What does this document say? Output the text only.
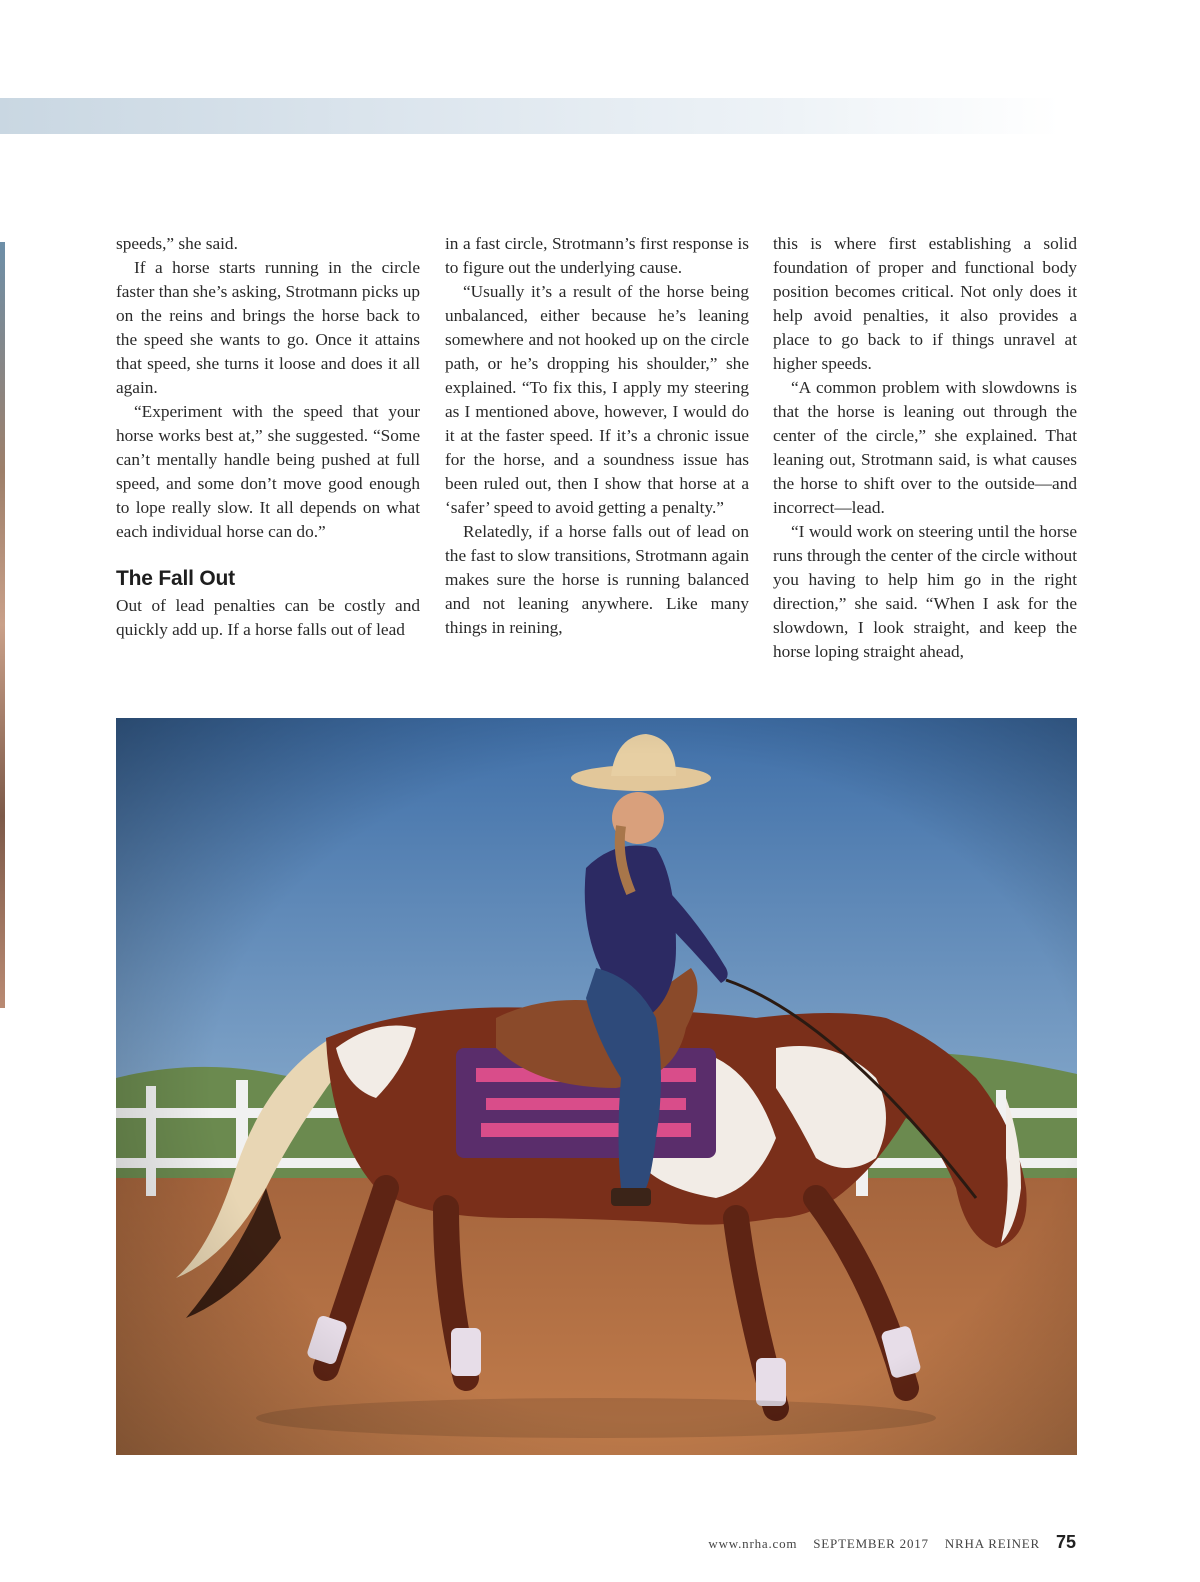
speeds,” she said.

If a horse starts running in the circle faster than she’s asking, Strotmann picks up on the reins and brings the horse back to the speed she wants to go. Once it attains that speed, she turns it loose and does it all again.

“Experiment with the speed that your horse works best at,” she suggested. “Some can’t mentally handle being pushed at full speed, and some don’t move good enough to lope really slow. It all depends on what each individual horse can do.”

The Fall Out

Out of lead penalties can be costly and quickly add up. If a horse falls out of lead

in a fast circle, Strotmann’s first response is to figure out the underlying cause.

“Usually it’s a result of the horse being unbalanced, either because he’s leaning somewhere and not hooked up on the circle path, or he’s dropping his shoulder,” she explained. “To fix this, I apply my steering as I mentioned above, however, I would do it at the faster speed. If it’s a chronic issue for the horse, and a soundness issue has been ruled out, then I show that horse at a ‘safer’ speed to avoid getting a penalty.”

Relatedly, if a horse falls out of lead on the fast to slow transitions, Strotmann again makes sure the horse is running balanced and not leaning anywhere. Like many things in reining,

this is where first establishing a solid foundation of proper and functional body position becomes critical. Not only does it help avoid penalties, it also provides a place to go back to if things unravel at higher speeds.

“A common problem with slowdowns is that the horse is leaning out through the center of the circle,” she explained. That leaning out, Strotmann said, is what causes the horse to shift over to the outside—and incorrect—lead.

“I would work on steering until the horse runs through the center of the circle without you having to help him go in the right direction,” she said. “When I ask for the slowdown, I look straight, and keep the horse loping straight ahead,

www.nrha.com SEPTEMBER 2017 NRHA REINER 75
